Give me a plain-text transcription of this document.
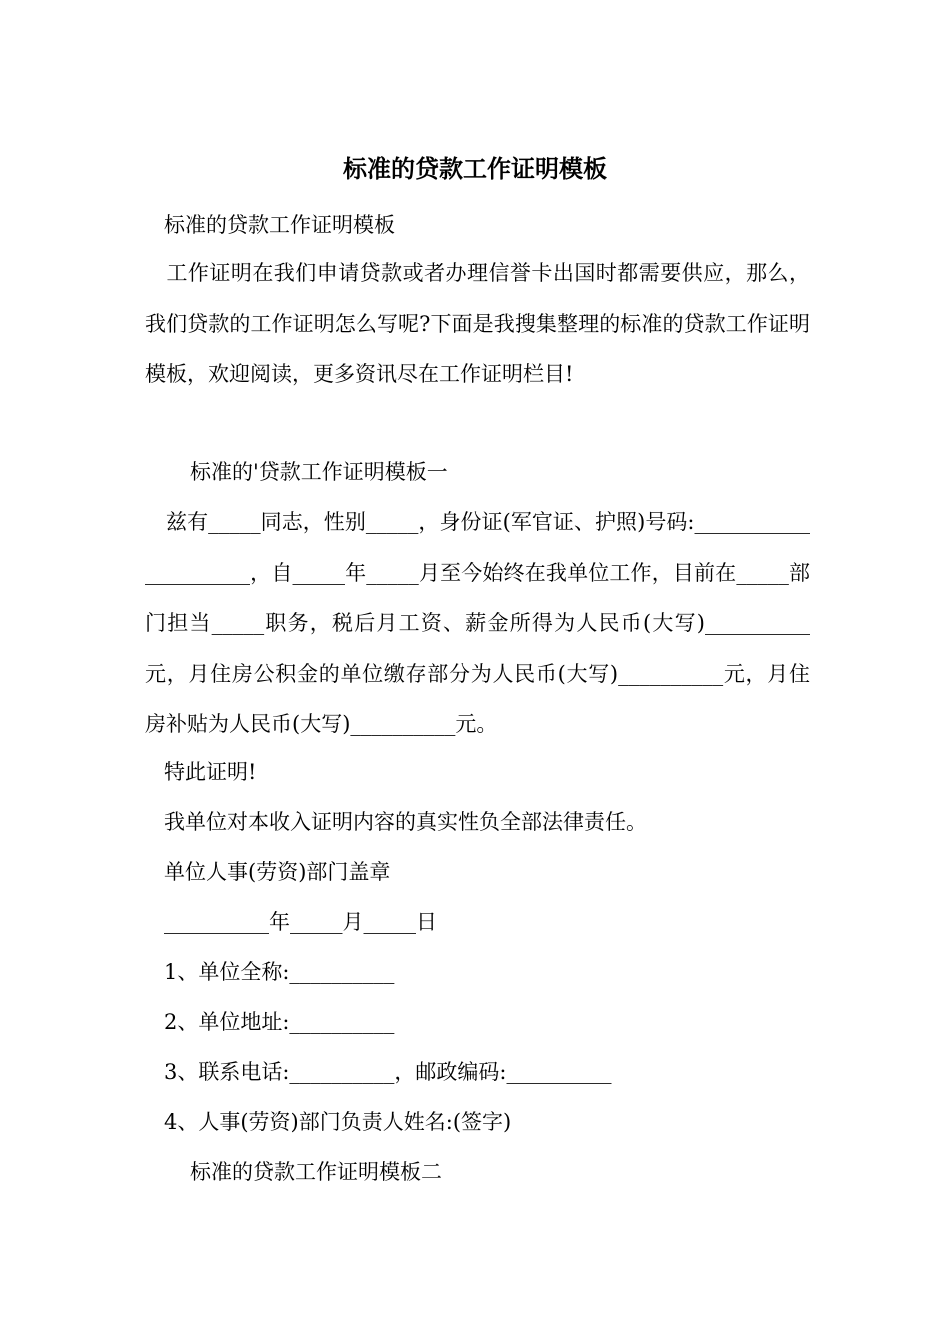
标准的贷款工作证明模板
标准的贷款工作证明模板
　工作证明在我们申请贷款或者办理信誉卡出国时都需要供应，那么，我们贷款的工作证明怎么写呢?下面是我搜集整理的标准的贷款工作证明模板，欢迎阅读，更多资讯尽在工作证明栏目!
标准的'贷款工作证明模板一
　兹有_____同志，性别_____，身份证(军官证、护照)号码:_____________________，自_____年_____月至今始终在我单位工作，目前在_____部门担当_____职务，税后月工资、薪金所得为人民币(大写)__________元，月住房公积金的单位缴存部分为人民币(大写)__________元，月住房补贴为人民币(大写)__________元。
特此证明!
我单位对本收入证明内容的真实性负全部法律责任。
单位人事(劳资)部门盖章
__________年_____月_____日
1、单位全称:__________
2、单位地址:__________
3、联系电话:__________，邮政编码:__________
4、人事(劳资)部门负责人姓名:(签字)
标准的贷款工作证明模板二
